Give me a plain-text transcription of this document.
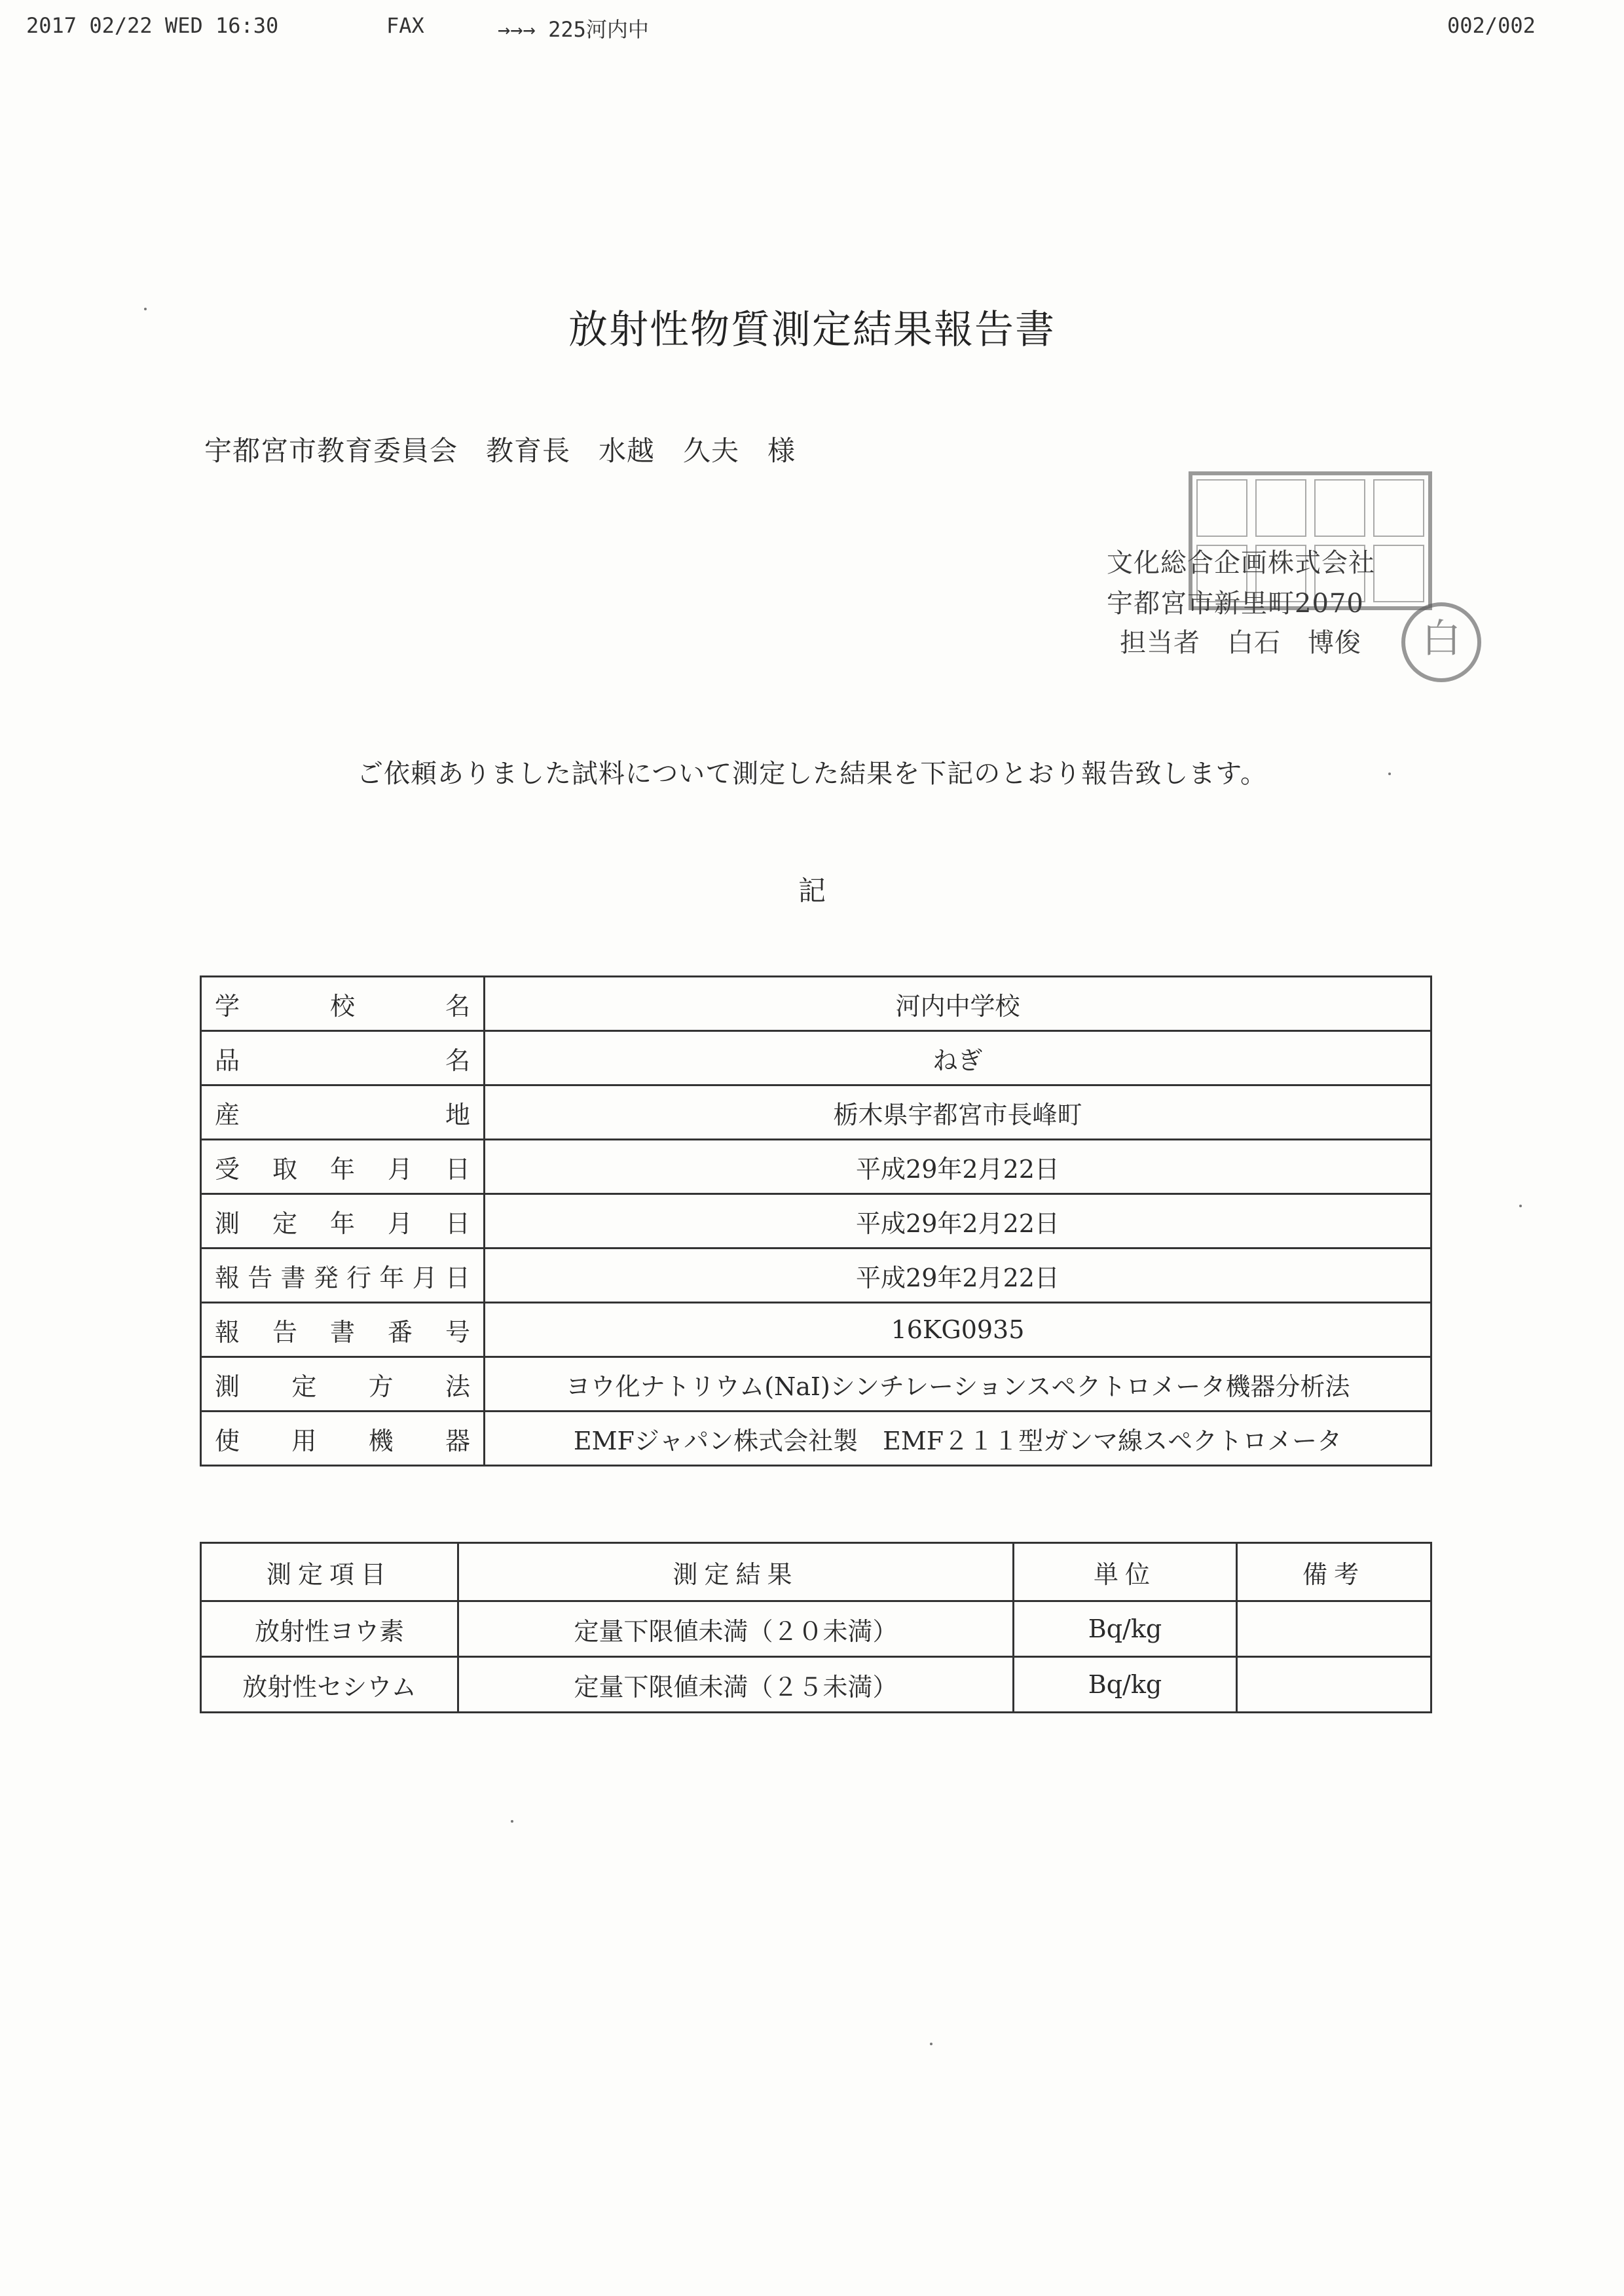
2017 02/22 WED 16:30	FAX	→→→ 225河内中	002/002
放射性物質測定結果報告書
宇都宮市教育委員会　教育長　水越　久夫　様
文化総合企画株式会社
宇都宮市新里町2070
担当者　白石　博俊	白
ご依頼ありました試料について測定した結果を下記のとおり報告致します。
記
学校名	河内中学校

品名	ねぎ

産地	栃木県宇都宮市長峰町

受取年月日	平成29年2月22日

測定年月日	平成29年2月22日

報告書発行年月日	平成29年2月22日

報告書番号	16KG0935

測定方法	ヨウ化ナトリウム(NaI)シンチレーションスペクトロメータ機器分析法

使用機器	EMFジャパン株式会社製　EMF２１１型ガンマ線スペクトロメータ
測定項目	測定結果	単位	備考
放射性ヨウ素	定量下限値未満（２０未満）	Bq/kg	
放射性セシウム	定量下限値未満（２５未満）	Bq/kg	
